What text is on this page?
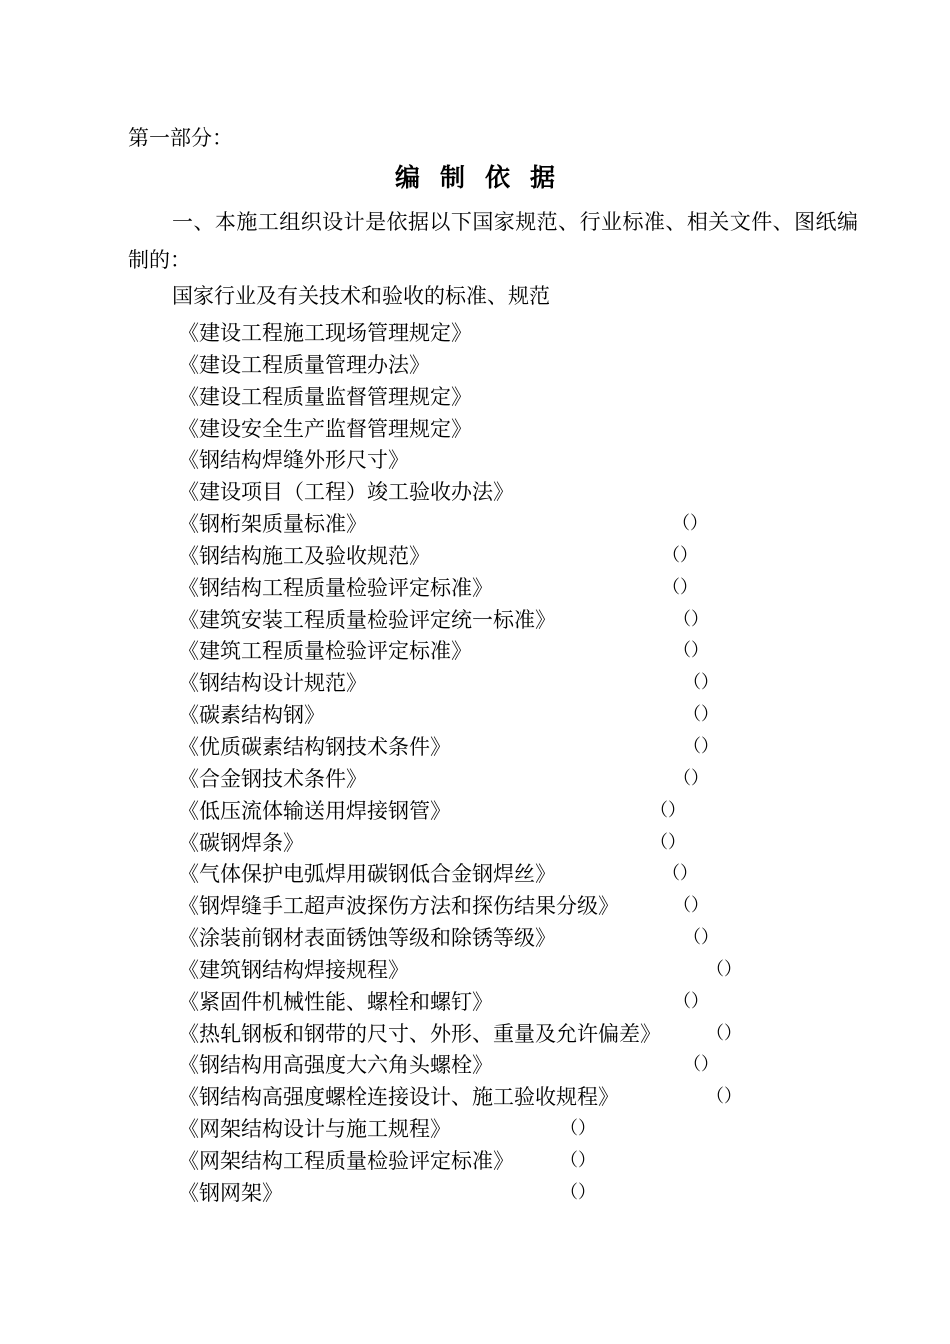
第一部分：
编制依据
一、本施工组织设计是依据以下国家规范、行业标准、相关文件、图纸编制的：
国家行业及有关技术和验收的标准、规范
《建设工程施工现场管理规定》
《建设工程质量管理办法》
《建设工程质量监督管理规定》
《建设安全生产监督管理规定》
《钢结构焊缝外形尺寸》
《建设项目（工程）竣工验收办法》
《钢桁架质量标准》	（）
《钢结构施工及验收规范》	（）
《钢结构工程质量检验评定标准》	（）
《建筑安装工程质量检验评定统一标准》	（）
《建筑工程质量检验评定标准》	（）
《钢结构设计规范》	（）
《碳素结构钢》	（）
《优质碳素结构钢技术条件》	（）
《合金钢技术条件》	（）
《低压流体输送用焊接钢管》	（）
《碳钢焊条》	（）
《气体保护电弧焊用碳钢低合金钢焊丝》	（）
《钢焊缝手工超声波探伤方法和探伤结果分级》	（）
《涂装前钢材表面锈蚀等级和除锈等级》	（）
《建筑钢结构焊接规程》	（）
《紧固件机械性能、螺栓和螺钉》	（）
《热轧钢板和钢带的尺寸、外形、重量及允许偏差》	（）
《钢结构用高强度大六角头螺栓》	（）
《钢结构高强度螺栓连接设计、施工验收规程》	（）
《网架结构设计与施工规程》	（）
《网架结构工程质量检验评定标准》	（）
《钢网架》	（）
